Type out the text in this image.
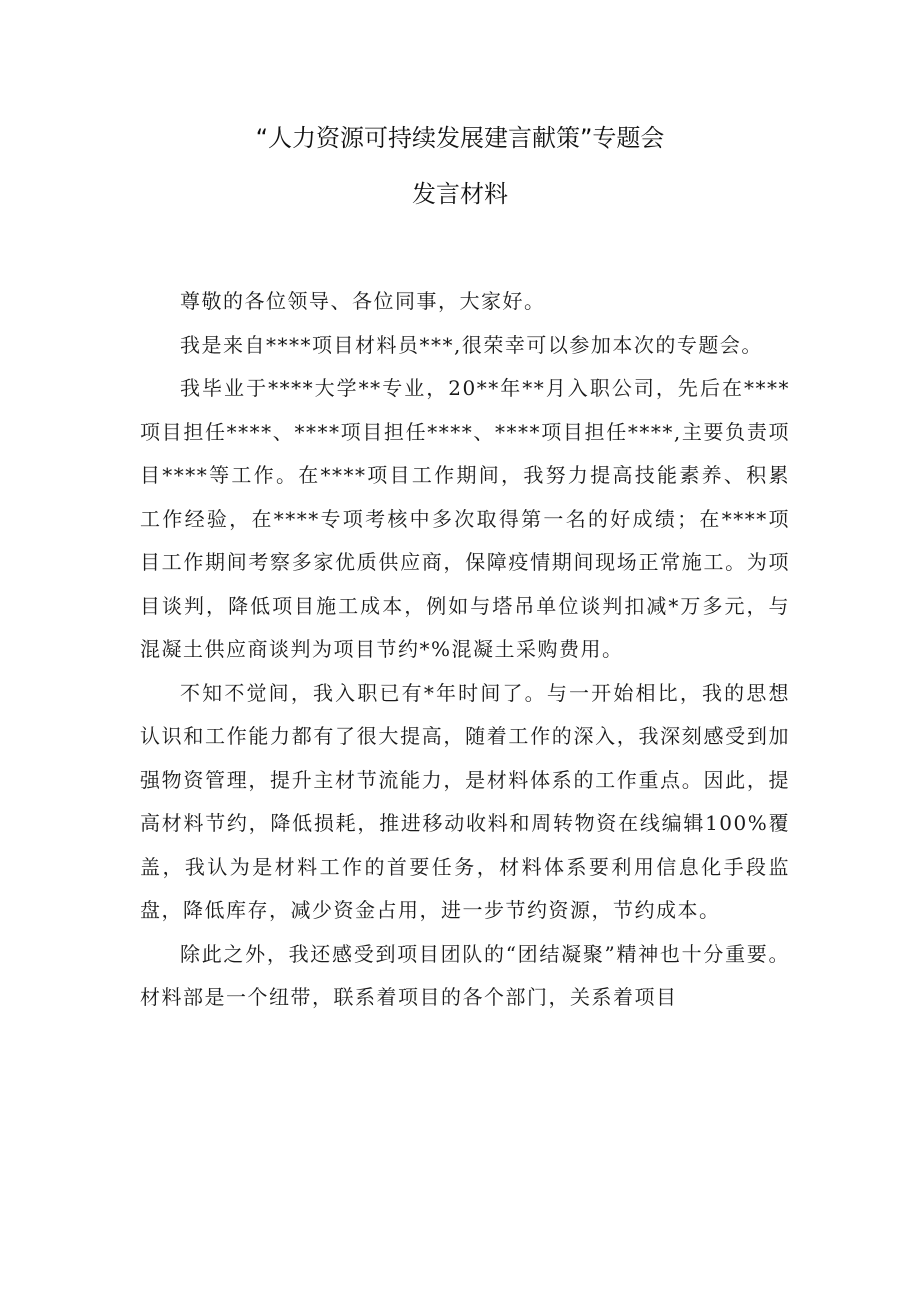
“人力资源可持续发展建言献策”专题会
发言材料

尊敬的各位领导、各位同事，大家好。

我是来自****项目材料员***,很荣幸可以参加本次的专题会。

我毕业于****大学**专业，20**年**月入职公司，先后在****项目担任****、****项目担任****、****项目担任****,主要负责项目****等工作。在****项目工作期间，我努力提高技能素养、积累工作经验，在****专项考核中多次取得第一名的好成绩；在****项目工作期间考察多家优质供应商，保障疫情期间现场正常施工。为项目谈判，降低项目施工成本，例如与塔吊单位谈判扣减*万多元，与混凝土供应商谈判为项目节约*%混凝土采购费用。

不知不觉间，我入职已有*年时间了。与一开始相比，我的思想认识和工作能力都有了很大提高，随着工作的深入，我深刻感受到加强物资管理，提升主材节流能力，是材料体系的工作重点。因此，提高材料节约，降低损耗，推进移动收料和周转物资在线编辑100%覆盖，我认为是材料工作的首要任务，材料体系要利用信息化手段监盘，降低库存，减少资金占用，进一步节约资源，节约成本。

除此之外，我还感受到项目团队的“团结凝聚”精神也十分重要。材料部是一个纽带，联系着项目的各个部门，关系着项目
